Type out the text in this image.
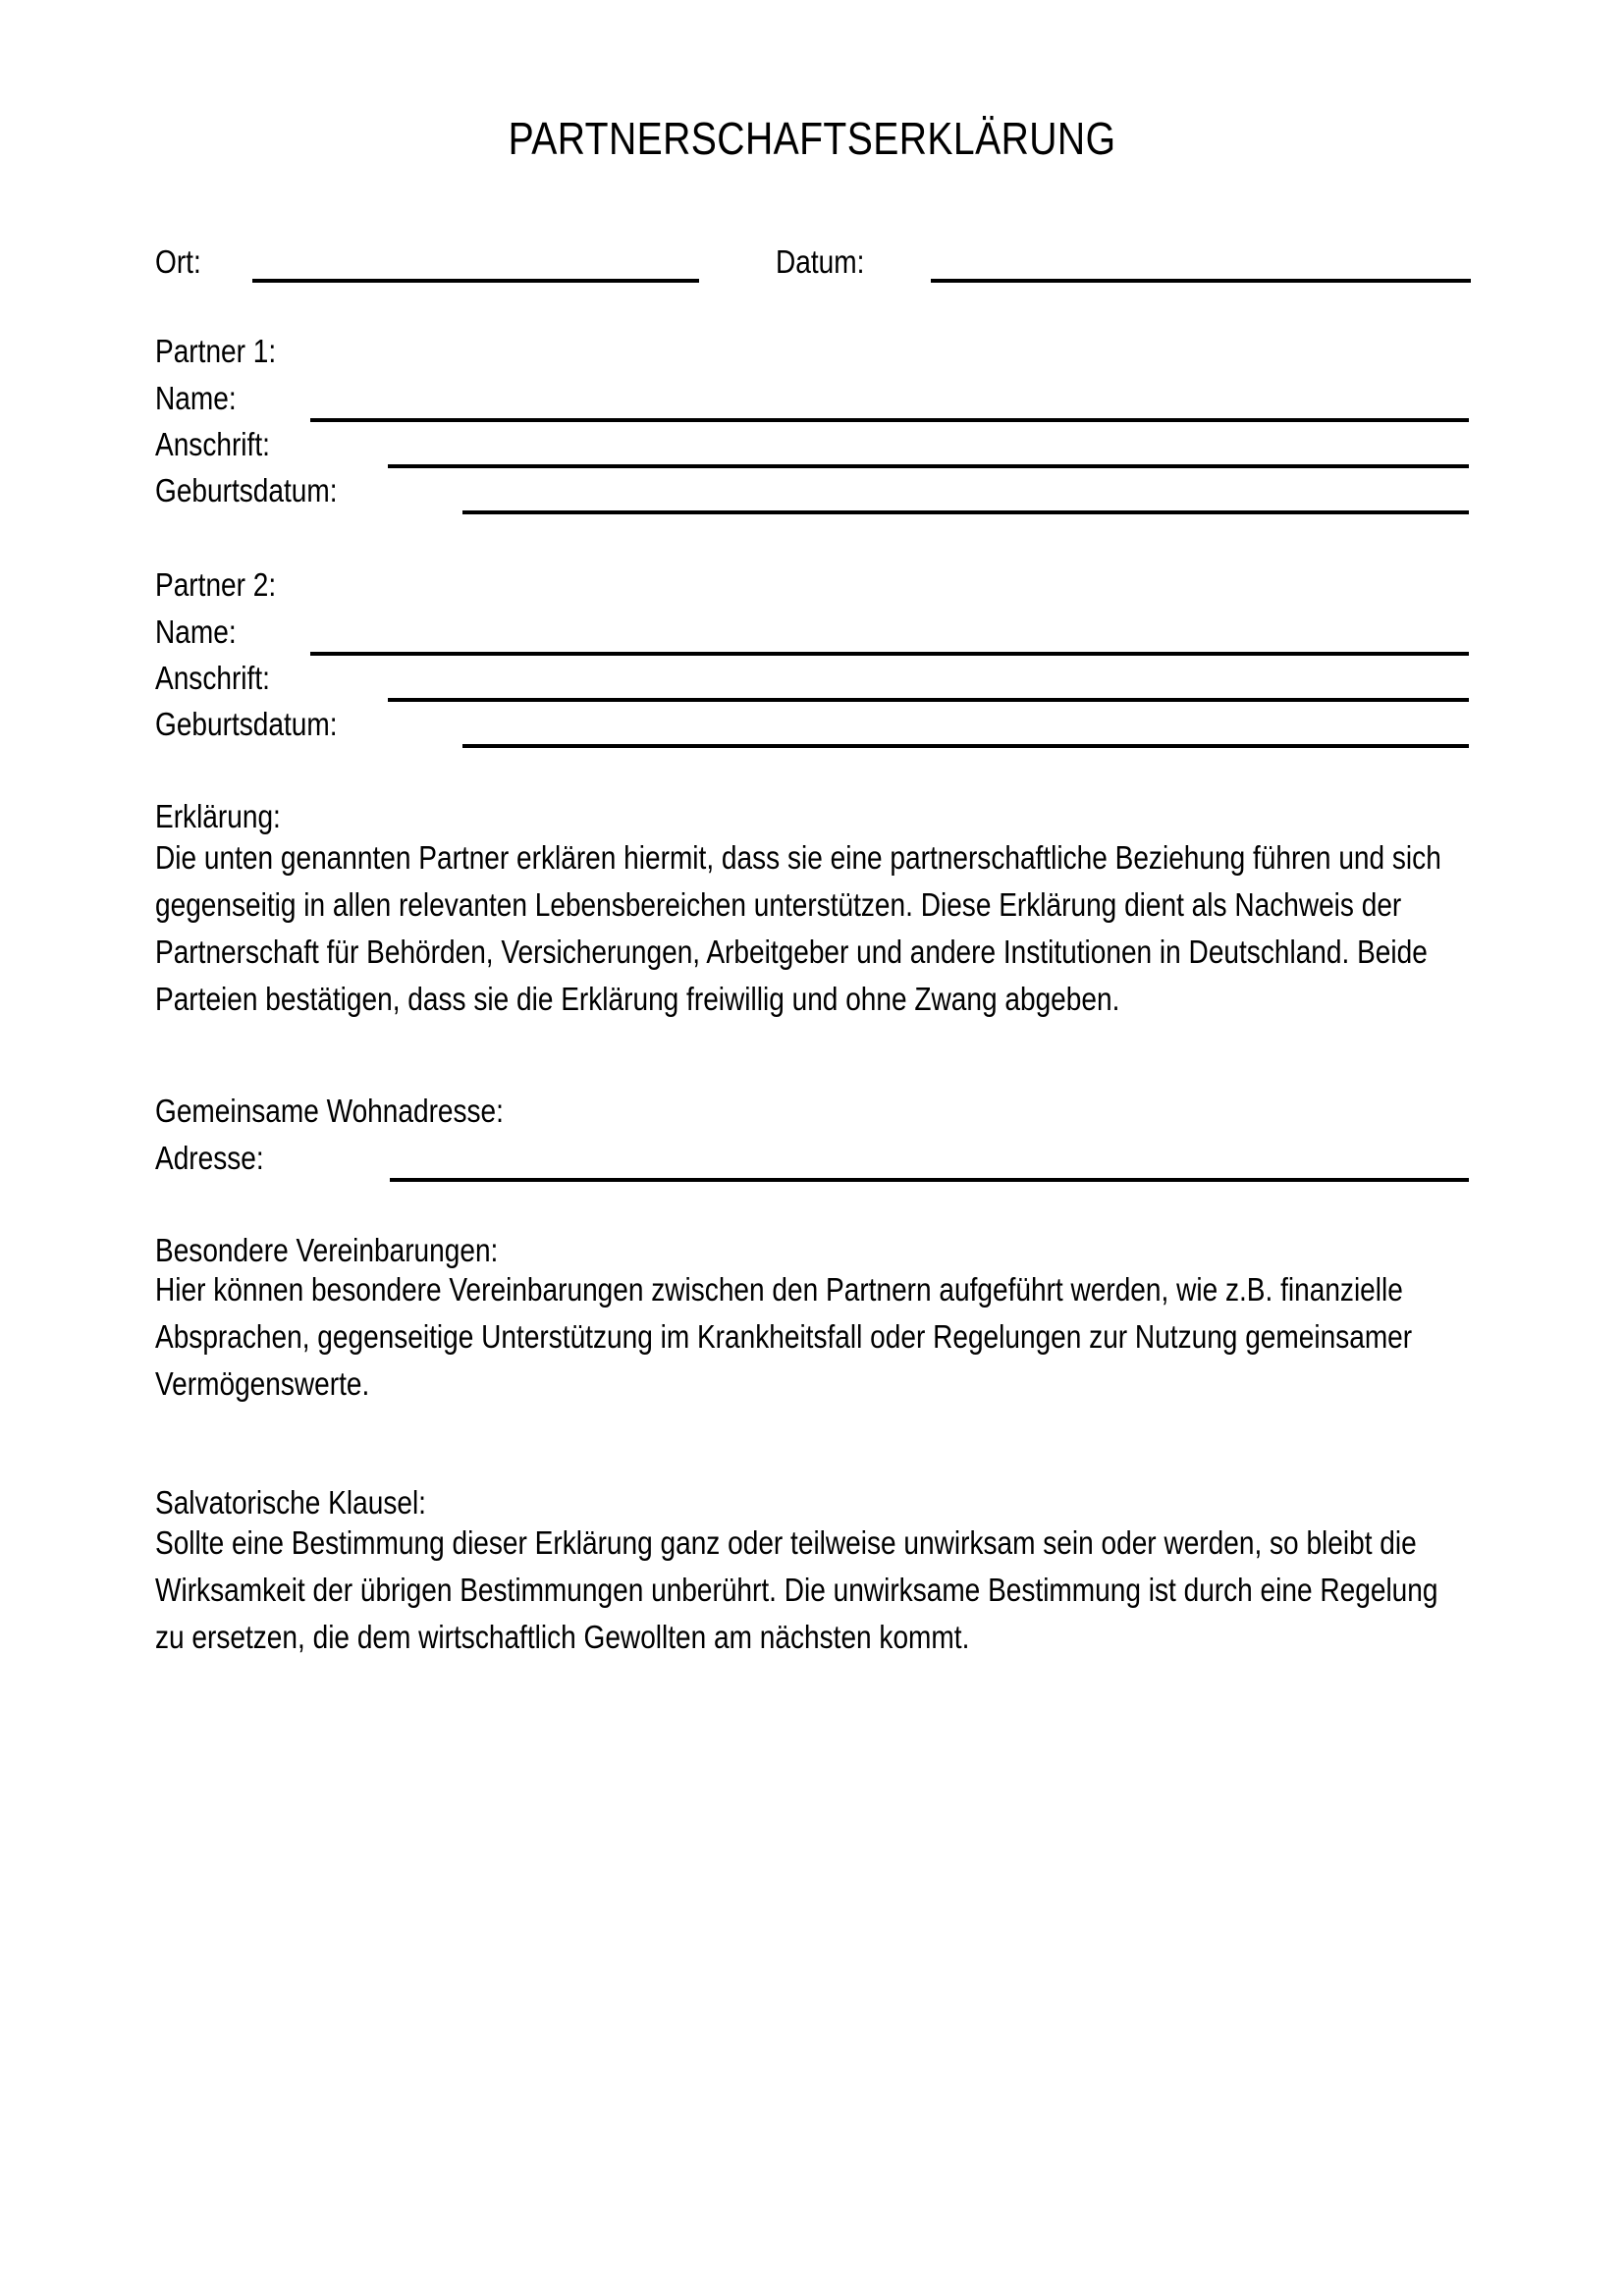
PARTNERSCHAFTSERKLÄRUNG
Ort:	Datum:
Partner 1:
Name:
Anschrift:
Geburtsdatum:
Partner 2:
Name:
Anschrift:
Geburtsdatum:
Erklärung:
Die unten genannten Partner erklären hiermit, dass sie eine partnerschaftliche Beziehung führen und sich gegenseitig in allen relevanten Lebensbereichen unterstützen. Diese Erklärung dient als Nachweis der Partnerschaft für Behörden, Versicherungen, Arbeitgeber und andere Institutionen in Deutschland. Beide Parteien bestätigen, dass sie die Erklärung freiwillig und ohne Zwang abgeben.
Gemeinsame Wohnadresse:
Adresse:
Besondere Vereinbarungen:
Hier können besondere Vereinbarungen zwischen den Partnern aufgeführt werden, wie z.B. finanzielle Absprachen, gegenseitige Unterstützung im Krankheitsfall oder Regelungen zur Nutzung gemeinsamer Vermögenswerte.
Salvatorische Klausel:
Sollte eine Bestimmung dieser Erklärung ganz oder teilweise unwirksam sein oder werden, so bleibt die Wirksamkeit der übrigen Bestimmungen unberührt. Die unwirksame Bestimmung ist durch eine Regelung zu ersetzen, die dem wirtschaftlich Gewollten am nächsten kommt.
